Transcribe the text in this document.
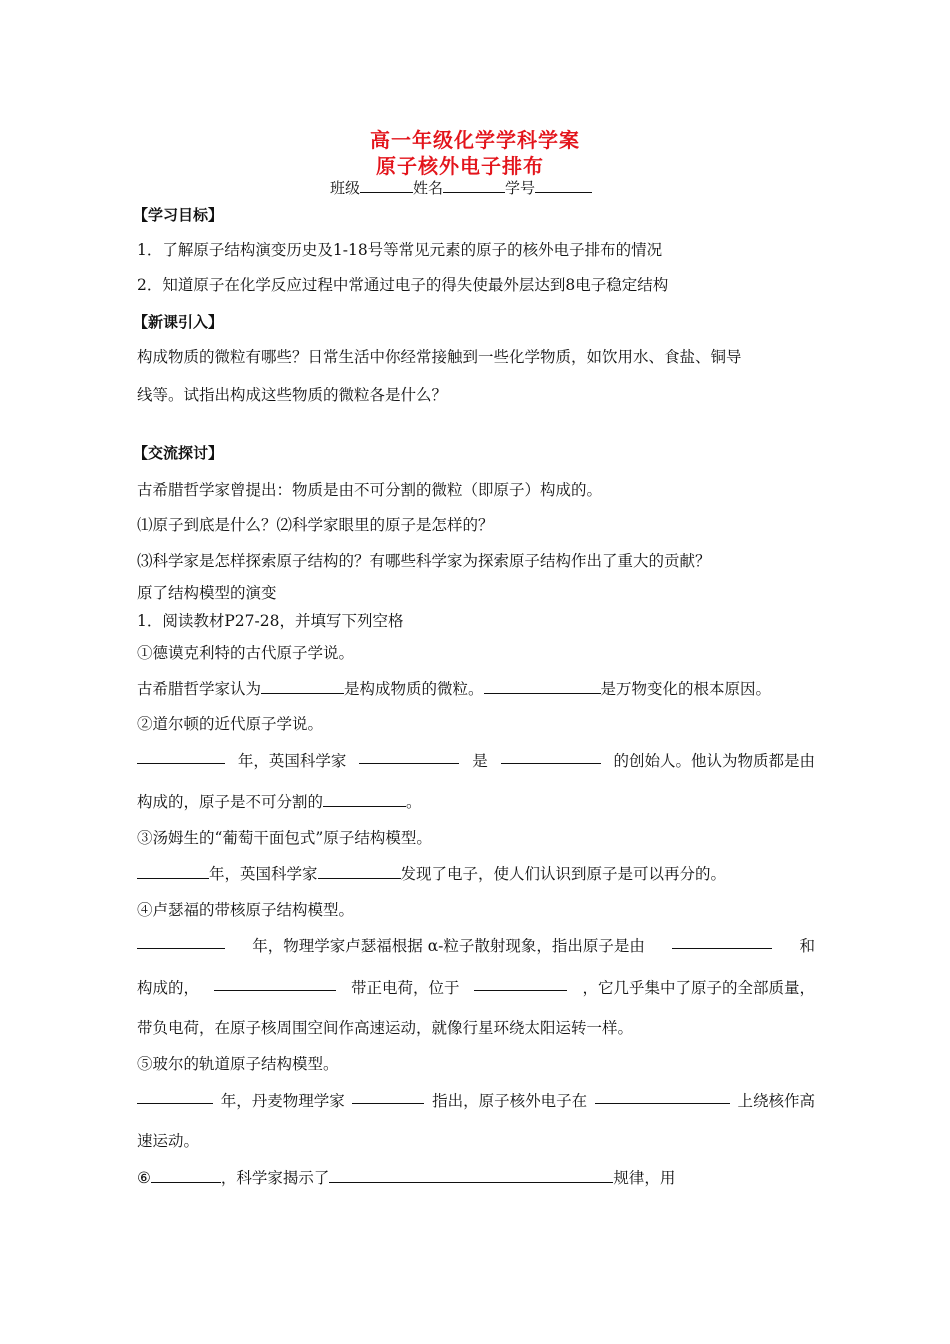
高一年级化学学科学案
原子核外电子排布
班级	姓名	学号
【学习目标】
1．了解原子结构演变历史及1-18号等常见元素的原子的核外电子排布的情况
2．知道原子在化学反应过程中常通过电子的得失使最外层达到8电子稳定结构
【新课引入】
构成物质的微粒有哪些？日常生活中你经常接触到一些化学物质，如饮用水、食盐、铜导
线等。试指出构成这些物质的微粒各是什么？
【交流探讨】
古希腊哲学家曾提出：物质是由不可分割的微粒（即原子）构成的。
⑴原子到底是什么？⑵科学家眼里的原子是怎样的？
⑶科学家是怎样探索原子结构的？有哪些科学家为探索原子结构作出了重大的贡献？
原了结构模型的演变
1．阅读教材P27-28，并填写下列空格
①德谟克利特的古代原子学说。
古希腊哲学家认为	是构成物质的微粒。	是万物变化的根本原因。
②道尔顿的近代原子学说。
年，英国科学家	是	的创始人。他认为物质都是由
构成的，原子是不可分割的	。
③汤姆生的“葡萄干面包式”原子结构模型。
年，英国科学家	发现了电子，使人们认识到原子是可以再分的。
④卢瑟福的带核原子结构模型。
年，物理学家卢瑟福根据 α-粒子散射现象，指出原子是由	和
构成的，	带正电荷，位于	，它几乎集中了原子的全部质量，
带负电荷，在原子核周围空间作高速运动，就像行星环绕太阳运转一样。
⑤玻尔的轨道原子结构模型。
年，丹麦物理学家	指出，原子核外电子在	上绕核作高
速运动。
⑥	，科学家揭示了	规律，用
